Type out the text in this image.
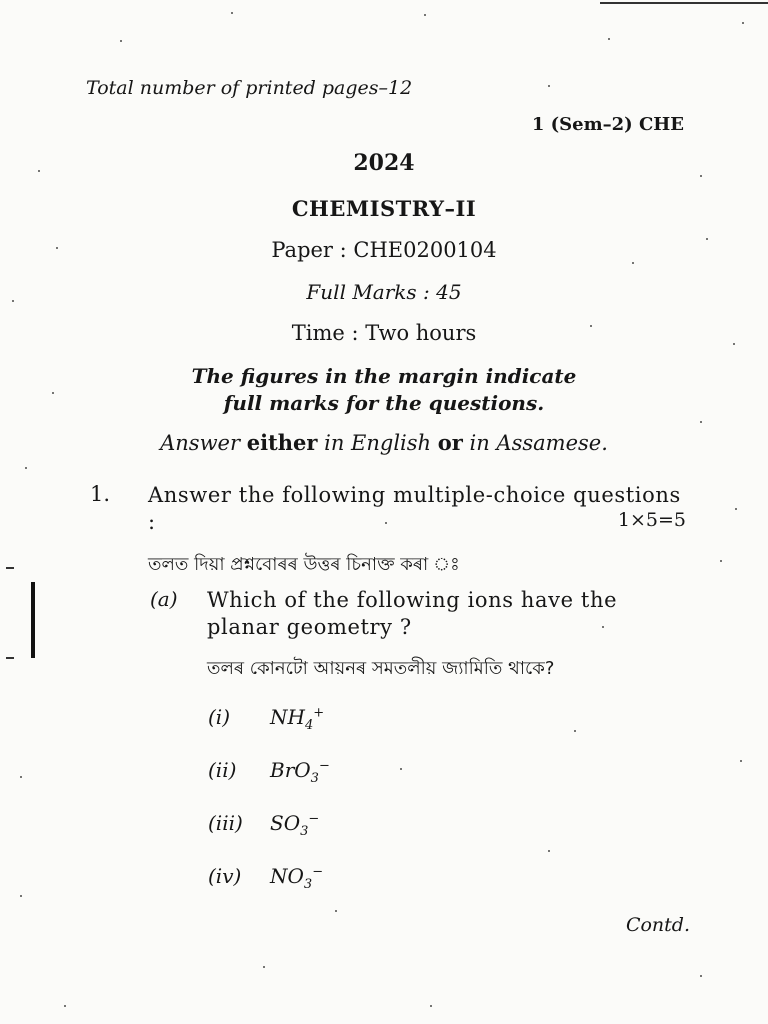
Total number of printed pages–12
1 (Sem–2) CHE
2024
CHEMISTRY–II
Paper : CHE0200104
Full Marks : 45
Time : Two hours
The figures in the margin indicate
full marks for the questions.
Answer either in English or in Assamese.
1. Answer the following multiple-choice questions :	1×5=5
তলত দিয়া প্ৰশ্নবোৰৰ উত্তৰ চিনাক্ত কৰা ঃ
(a) Which of the following ions have the planar geometry ?
তলৰ কোনটো আয়নৰ সমতলীয় জ্যামিতি থাকে?
(i) $NH_4^+$
(ii) BrO$_3$−
(iii) $SO_3^-$
(iv) $NO_3^-$
Contd.
